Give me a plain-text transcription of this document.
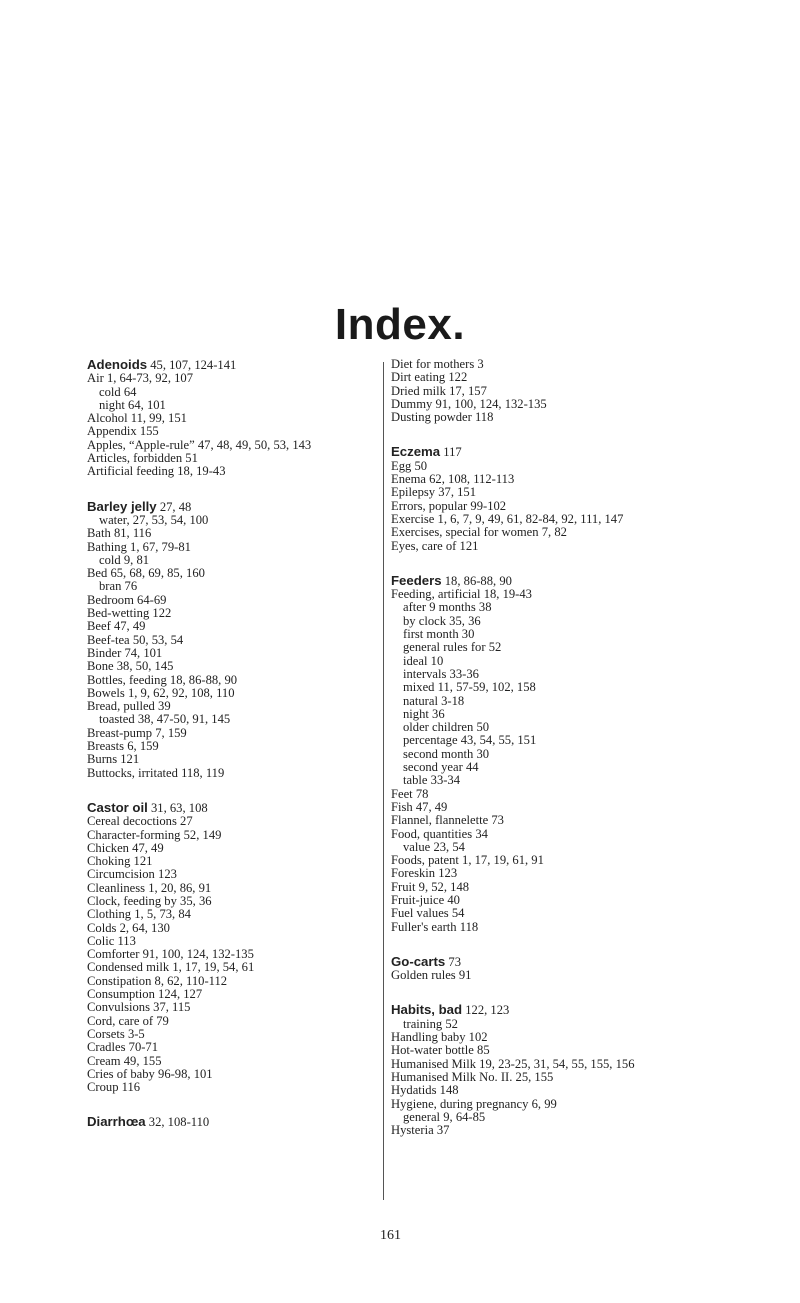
Index.
Adenoids 45, 107, 124-141
Air 1, 64-73, 92, 107
cold 64
night 64, 101
Alcohol 11, 99, 151
Appendix 155
Apples, “Apple-rule” 47, 48, 49, 50, 53, 143
Articles, forbidden 51
Artificial feeding 18, 19-43
Barley jelly 27, 48
water, 27, 53, 54, 100
Bath 81, 116
Bathing 1, 67, 79-81
cold 9, 81
Bed 65, 68, 69, 85, 160
bran 76
Bedroom 64-69
Bed-wetting 122
Beef 47, 49
Beef-tea 50, 53, 54
Binder 74, 101
Bone 38, 50, 145
Bottles, feeding 18, 86-88, 90
Bowels 1, 9, 62, 92, 108, 110
Bread, pulled 39
toasted 38, 47-50, 91, 145
Breast-pump 7, 159
Breasts 6, 159
Burns 121
Buttocks, irritated 118, 119
Castor oil 31, 63, 108
Cereal decoctions 27
Character-forming 52, 149
Chicken 47, 49
Choking 121
Circumcision 123
Cleanliness 1, 20, 86, 91
Clock, feeding by 35, 36
Clothing 1, 5, 73, 84
Colds 2, 64, 130
Colic 113
Comforter 91, 100, 124, 132-135
Condensed milk 1, 17, 19, 54, 61
Constipation 8, 62, 110-112
Consumption 124, 127
Convulsions 37, 115
Cord, care of 79
Corsets 3-5
Cradles 70-71
Cream 49, 155
Cries of baby 96-98, 101
Croup 116
Diarrhœa 32, 108-110
Diet for mothers 3
Dirt eating 122
Dried milk 17, 157
Dummy 91, 100, 124, 132-135
Dusting powder 118
Eczema 117
Egg 50
Enema 62, 108, 112-113
Epilepsy 37, 151
Errors, popular 99-102
Exercise 1, 6, 7, 9, 49, 61, 82-84, 92, 111, 147
Exercises, special for women 7, 82
Eyes, care of 121
Feeders 18, 86-88, 90
Feeding, artificial 18, 19-43
after 9 months 38
by clock 35, 36
first month 30
general rules for 52
ideal 10
intervals 33-36
mixed 11, 57-59, 102, 158
natural 3-18
night 36
older children 50
percentage 43, 54, 55, 151
second month 30
second year 44
table 33-34
Feet 78
Fish 47, 49
Flannel, flannelette 73
Food, quantities 34
value 23, 54
Foods, patent 1, 17, 19, 61, 91
Foreskin 123
Fruit 9, 52, 148
Fruit-juice 40
Fuel values 54
Fuller's earth 118
Go-carts 73
Golden rules 91
Habits, bad 122, 123
training 52
Handling baby 102
Hot-water bottle 85
Humanised Milk 19, 23-25, 31, 54, 55, 155, 156
Humanised Milk No. II. 25, 155
Hydatids 148
Hygiene, during pregnancy 6, 99
general 9, 64-85
Hysteria 37
161
